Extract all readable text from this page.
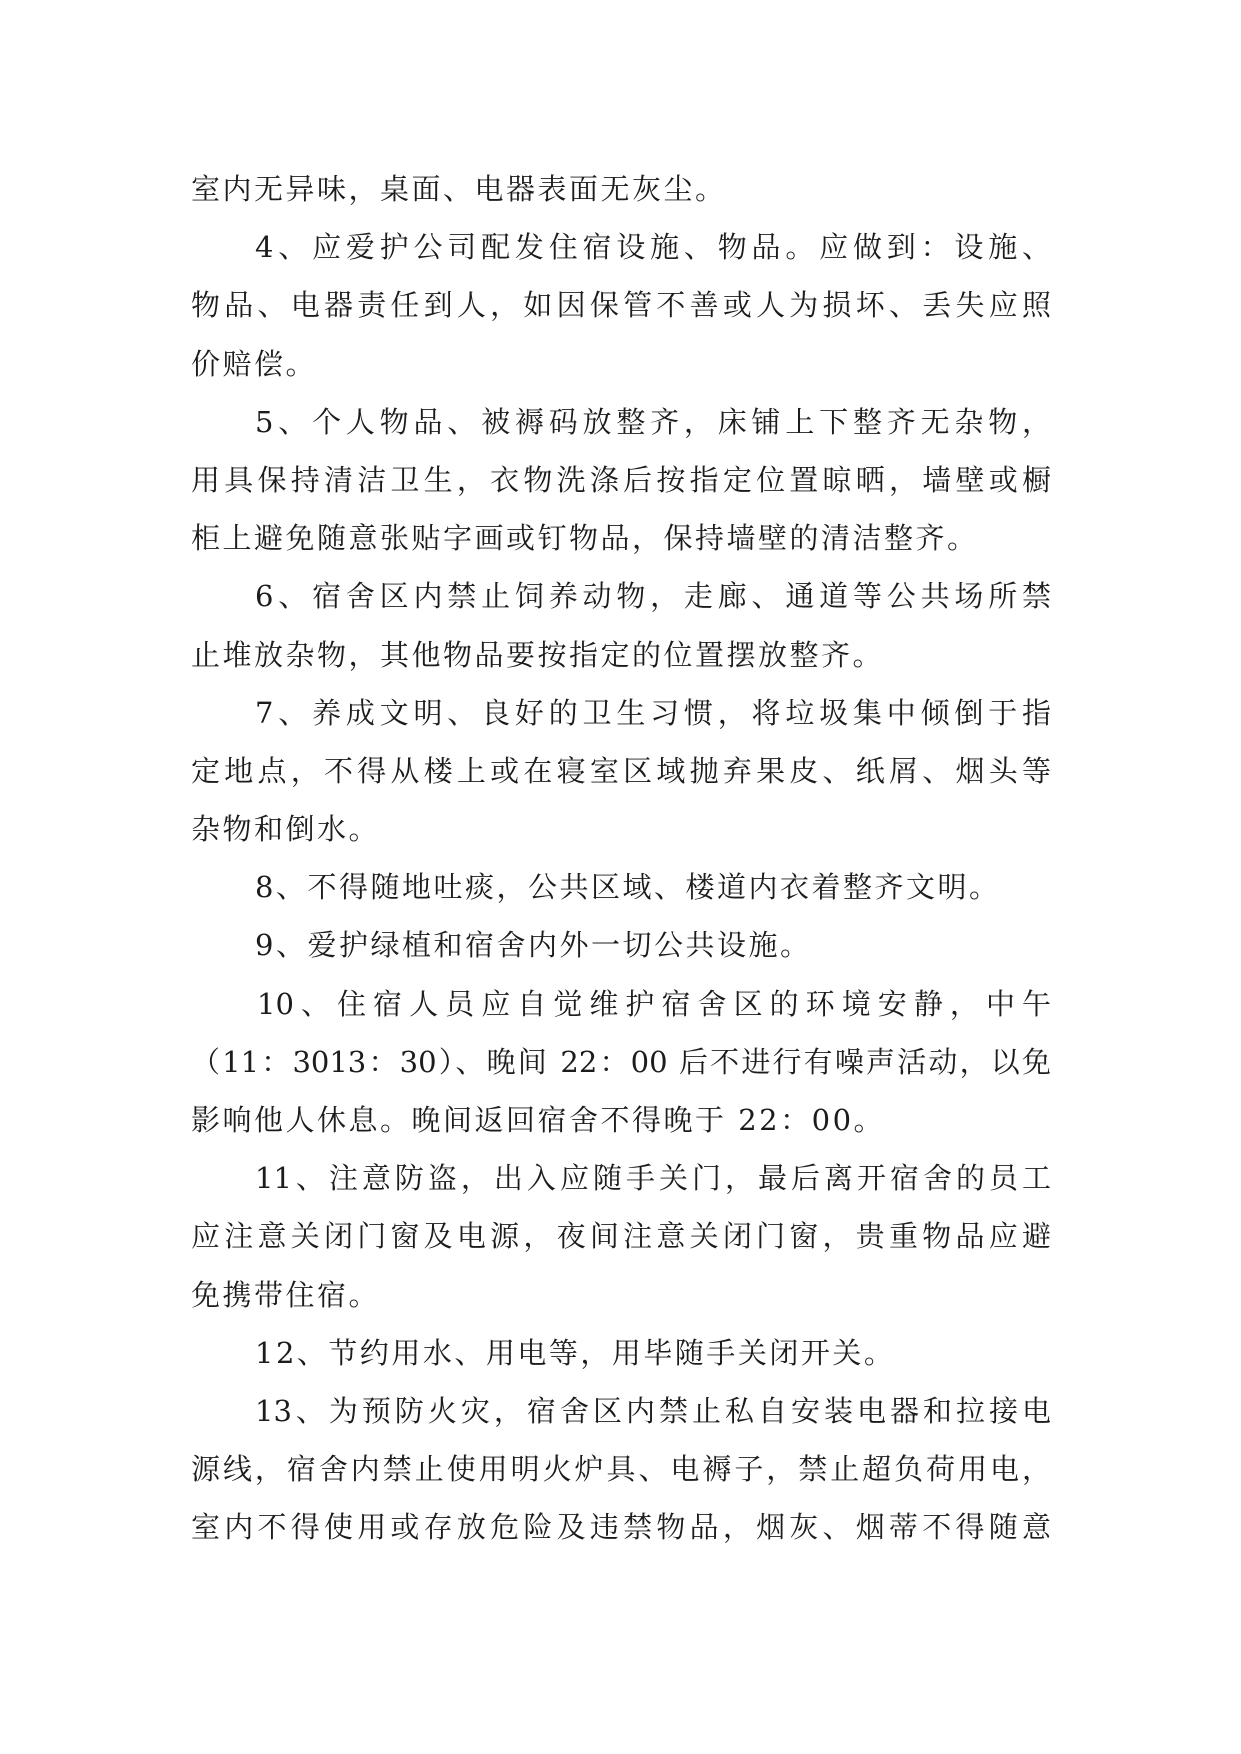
室内无异味，桌面、电器表面无灰尘。
4、应爱护公司配发住宿设施、物品。应做到：设施、
物品、电器责任到人，如因保管不善或人为损坏、丢失应照
价赔偿。
5、个人物品、被褥码放整齐，床铺上下整齐无杂物，
用具保持清洁卫生，衣物洗涤后按指定位置晾晒，墙壁或橱
柜上避免随意张贴字画或钉物品，保持墙壁的清洁整齐。
6、宿舍区内禁止饲养动物，走廊、通道等公共场所禁
止堆放杂物，其他物品要按指定的位置摆放整齐。
7、养成文明、良好的卫生习惯，将垃圾集中倾倒于指
定地点，不得从楼上或在寝室区域抛弃果皮、纸屑、烟头等
杂物和倒水。
8、不得随地吐痰，公共区域、楼道内衣着整齐文明。
9、爱护绿植和宿舍内外一切公共设施。
10、住宿人员应自觉维护宿舍区的环境安静，中午
（11：3013：30）、晚间 22：00 后不进行有噪声活动，以免
影响他人休息。晚间返回宿舍不得晚于 22：00。
11、注意防盗，出入应随手关门，最后离开宿舍的员工
应注意关闭门窗及电源，夜间注意关闭门窗，贵重物品应避
免携带住宿。
12、节约用水、用电等，用毕随手关闭开关。
13、为预防火灾，宿舍区内禁止私自安装电器和拉接电
源线，宿舍内禁止使用明火炉具、电褥子，禁止超负荷用电，
室内不得使用或存放危险及违禁物品，烟灰、烟蒂不得随意
